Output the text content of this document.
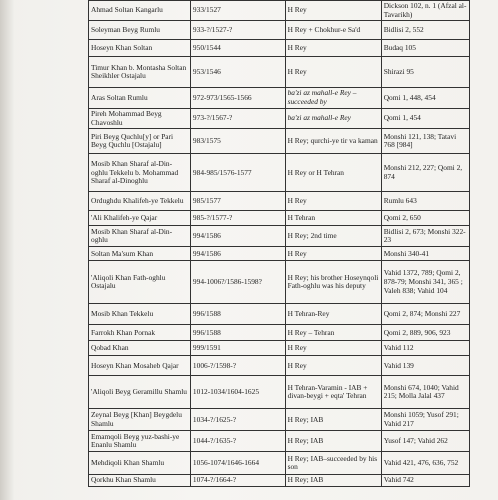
Ahmad Soltan Kangarlu	933/1527	H Rey	Dickson 102, n. 1 (Afzal al-Tavarikh)
Soleyman Beyg Rumlu	933-?/1527-?	H Rey + Chokhur-e Sa'd	Bidlisi 2, 552
Hoseyn Khan Soltan	950/1544	H Rey	Budaq 105
Timur Khan b. Montasha Soltan Sheikhler Ostajalu	953/1546	H Rey	Shirazi 95
Aras Soltan Rumlu	972-973/1565-1566	ba'zi az mahall-e Rey – succeeded by	Qomi 1, 448, 454
Pireh Mohammad Beyg Chavoshlu	973-?/1567-?	ba'zi az mahall-e Rey	Qomi 1, 454
Piri Beyg Quchlu[y] or Pari Beyg Quchlu [Ostajalu]	983/1575	H Rey; qurchi-ye tir va kaman	Monshi 121, 138; Tatavi 768 [984]
Mosib Khan Sharaf al-Din-oghlu Tekkelu b. Mohammad Sharaf al-Dinoghlu	984-985/1576-1577	H Rey or H Tehran	Monshi 212, 227; Qomi 2, 874
Ordughdu Khalifeh-ye Tekkelu	985/1577	H Rey	Rumlu 643
'Ali Khalifeh-ye Qajar	985-?/1577-?	H Tehran	Qomi 2, 650
Mosib Khan Sharaf al-Din-oghlu	994/1586	H Rey; 2nd time	Bidlisi 2, 673; Monshi 322-23
Soltan Ma'sum Khan	994/1586	H Rey	Monshi 340-41
'Aliqoli Khan Fath-oghlu Ostajalu	994-1006?/1586-1598?	H Rey; his brother Hoseynqoli Fath-oghlu was his deputy	Vahid 1372, 789; Qomi 2, 878-79; Monshi 341, 365 ; Valeh 838; Vahid 104
Mosib Khan Tekkelu	996/1588	H Tehran-Rey	Qomi 2, 874; Monshi 227
Farrokh Khan Pornak	996/1588	H Rey – Tehran	Qomi 2, 889, 906, 923
Qobad Khan	999/1591	H Rey	Vahid 112
Hoseyn Khan Mosaheb Qajar	1006-?/1598-?	H Rey	Vahid 139
'Aliqoli Beyg Geramillu Shamlu	1012-1034/1604-1625	H Tehran-Varamin - IAB + divan-beygi + eqta' Tehran	Monshi 674, 1040; Vahid 215; Molla Jalal 437
Zeynal Beyg [Khan] Beygdelu Shamlu	1034-?/1625-?	H Rey; IAB	Monshi 1059; Yusof 291; Vahid 217
Emamqoli Beyg yuz-bashi-ye Enanlu Shamlu	1044-?/1635-?	H Rey; IAB	Yusof 147; Vahid 262
Mehdiqoli Khan Shamlu	1056-1074/1646-1664	H Rey; IAB–succeeded by his son	Vahid 421, 476, 636, 752
Qorkhu Khan Shamlu	1074-?/1664-?	H Rey; IAB	Vahid 742
